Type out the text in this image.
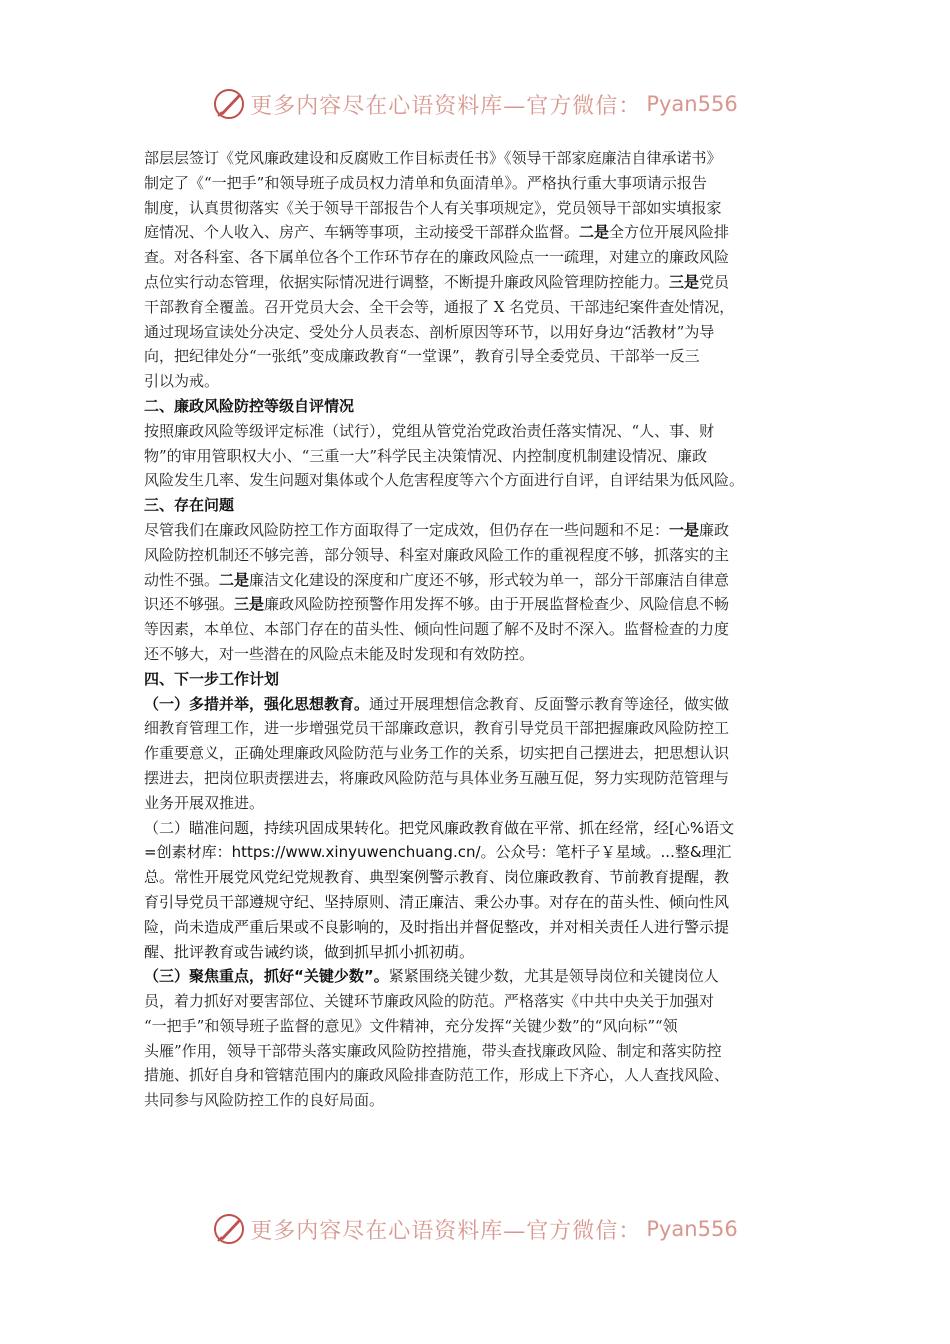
更多内容尽在心语资料库—官方微信 ： Pyan556
部层层签订《党风廉政建设和反腐败工作目标责任书》《领导干部家庭廉洁自律承诺书》
制定了《“一把手”和领导班子成员权力清单和负面清单》。严格执行重大事项请示报告
制度，认真贯彻落实《关于领导干部报告个人有关事项规定》，党员领导干部如实填报家
庭情况、个人收入、房产、车辆等事项，主动接受干部群众监督。二是全方位开展风险排
查。对各科室、各下属单位各个工作环节存在的廉政风险点一一疏理，对建立的廉政风险
点位实行动态管理，依据实际情况进行调整，不断提升廉政风险管理防控能力。三是党员
干部教育全覆盖。召开党员大会、全干会等，通报了 X 名党员、干部违纪案件查处情况，
通过现场宣读处分决定、受处分人员表态、剖析原因等环节，以用好身边“活教材”为导
向，把纪律处分“一张纸”变成廉政教育“一堂课”，教育引导全委党员、干部举一反三
引以为戒。
二、廉政风险防控等级自评情况
按照廉政风险等级评定标准（试行），党组从管党治党政治责任落实情况、“人、事、财
物”的审用管职权大小、“三重一大”科学民主决策情况、内控制度机制建设情况、廉政
风险发生几率、发生问题对集体或个人危害程度等六个方面进行自评，自评结果为低风险。
三、存在问题
尽管我们在廉政风险防控工作方面取得了一定成效，但仍存在一些问题和不足：一是廉政
风险防控机制还不够完善，部分领导、科室对廉政风险工作的重视程度不够，抓落实的主
动性不强。二是廉洁文化建设的深度和广度还不够，形式较为单一，部分干部廉洁自律意
识还不够强。三是廉政风险防控预警作用发挥不够。由于开展监督检查少、风险信息不畅
等因素，本单位、本部门存在的苗头性、倾向性问题了解不及时不深入。监督检查的力度
还不够大，对一些潜在的风险点未能及时发现和有效防控。
四、下一步工作计划
（一）多措并举，强化思想教育。通过开展理想信念教育、反面警示教育等途径，做实做
细教育管理工作，进一步增强党员干部廉政意识，教育引导党员干部把握廉政风险防控工
作重要意义，正确处理廉政风险防范与业务工作的关系，切实把自己摆进去，把思想认识
摆进去，把岗位职责摆进去，将廉政风险防范与具体业务互融互促，努力实现防范管理与
业务开展双推进。
（二）瞄准问题，持续巩固成果转化。把党风廉政教育做在平常、抓在经常，经[心%语文
=创素材库：https://www.xinyuwenchuang.cn/。公众号：笔杆子￥星域。...整&理汇
总。常性开展党风党纪党规教育、典型案例警示教育、岗位廉政教育、节前教育提醒，教
育引导党员干部遵规守纪、坚持原则、清正廉洁、秉公办事。对存在的苗头性、倾向性风
险，尚未造成严重后果或不良影响的，及时指出并督促整改，并对相关责任人进行警示提
醒、批评教育或告诫约谈，做到抓早抓小抓初萌。
（三）聚焦重点，抓好“关键少数”。紧紧围绕关键少数，尤其是领导岗位和关键岗位人
员，着力抓好对要害部位、关键环节廉政风险的防范。严格落实《中共中央关于加强对
“一把手”和领导班子监督的意见》文件精神，充分发挥“关键少数”的“风向标”“领
头雁”作用，领导干部带头落实廉政风险防控措施，带头查找廉政风险、制定和落实防控
措施、抓好自身和管辖范围内的廉政风险排查防范工作，形成上下齐心，人人查找风险、
共同参与风险防控工作的良好局面。
更多内容尽在心语资料库—官方微信 ： Pyan556
